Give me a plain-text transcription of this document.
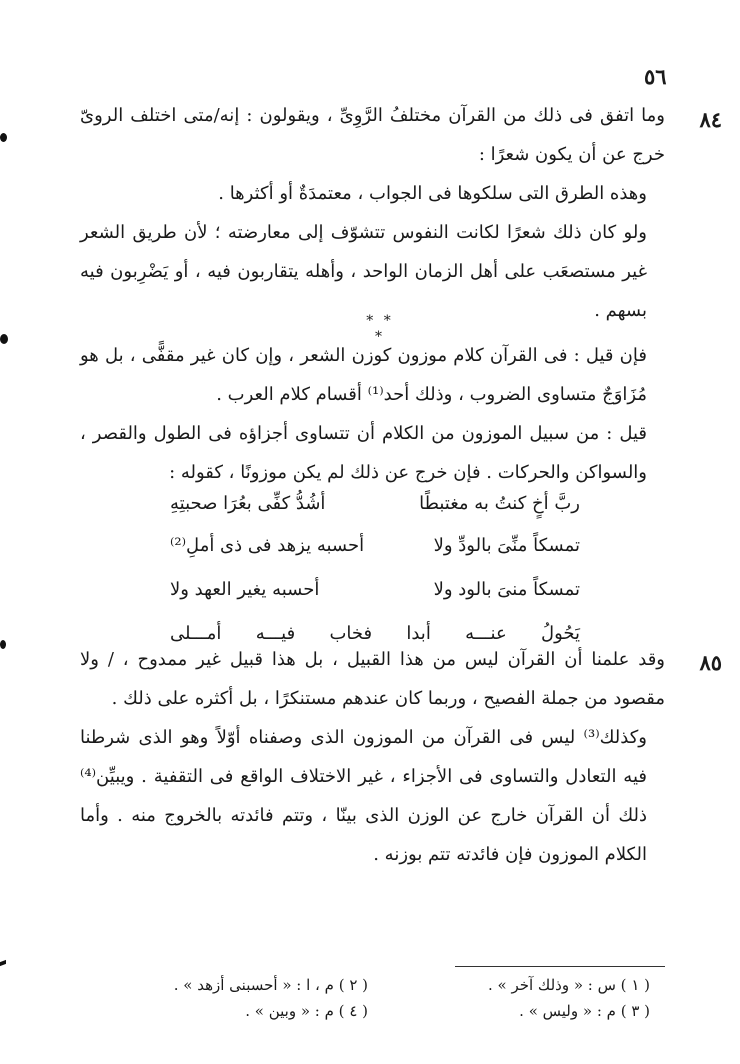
٥٦
٨٤

وما اتفق فى ذلك من القرآن مختلفُ الرَّوِىِّ ، ويقولون : إنه/متى اختلف الروىّ خرج عن أن يكون شعرًا :

وهذه الطرق التى سلكوها فى الجواب ، معتمدَةٌ أو أكثرها .

ولو كان ذلك شعرًا لكانت النفوس تتشوّف إلى معارضته ؛ لأن طريق الشعر غير مستصعَب على أهل الزمان الواحد ، وأهله يتقاربون فيه ، أو يَضْرِبون فيه بسهم .

* * *

فإن قيل : فى القرآن كلام موزون كوزن الشعر ، وإن كان غير مقفًّى ، بل هو مُزَاوَجٌ متساوى الضروب ، وذلك أحد⁽¹⁾ أقسام كلام العرب .

قيل : من سبيل الموزون من الكلام أن تتساوى أجزاؤه فى الطول والقصر ، والسواكن والحركات . فإن خرج عن ذلك لم يكن موزونًا ، كقوله :

ربَّ أخٍ كنتُ به مغتبطًا
أشُدُّ كفِّى بعُرَا صحبتِهِ
تمسكاً منِّىَ بالودِّ ولا
أحسبه يزهد فى ذى أملِ⁽²⁾
تمسكاً منىَ بالود ولا
أحسبه يغير العهد ولا
يَحُولُ
عنـــه
أبدا
فخاب
فيـــه
أمـــلى
٨٥

وقد علمنا أن القرآن ليس من هذا القبيل ، بل هذا قبيل غير ممدوح ، / ولا مقصود من جملة الفصيح ، وربما كان عندهم مستنكرًا ، بل أكثره على ذلك .

وكذلك⁽³⁾ ليس فى القرآن من الموزون الذى وصفناه أوّلاً وهو الذى شرطنا فيه التعادل والتساوى فى الأجزاء ، غير الاختلاف الواقع فى التقفية . ويبيِّن⁽⁴⁾ ذلك أن القرآن خارج عن الوزن الذى بينّا ، وتتم فائدته بالخروج منه . وأما الكلام الموزون فإن فائدته تتم بوزنه .

( ١ ) س : « وذلك آخر » .
( ٢ ) م ، ا : « أحسبنى أزهد » .
( ٣ ) م : « وليس » .
( ٤ ) م : « وبين » .
